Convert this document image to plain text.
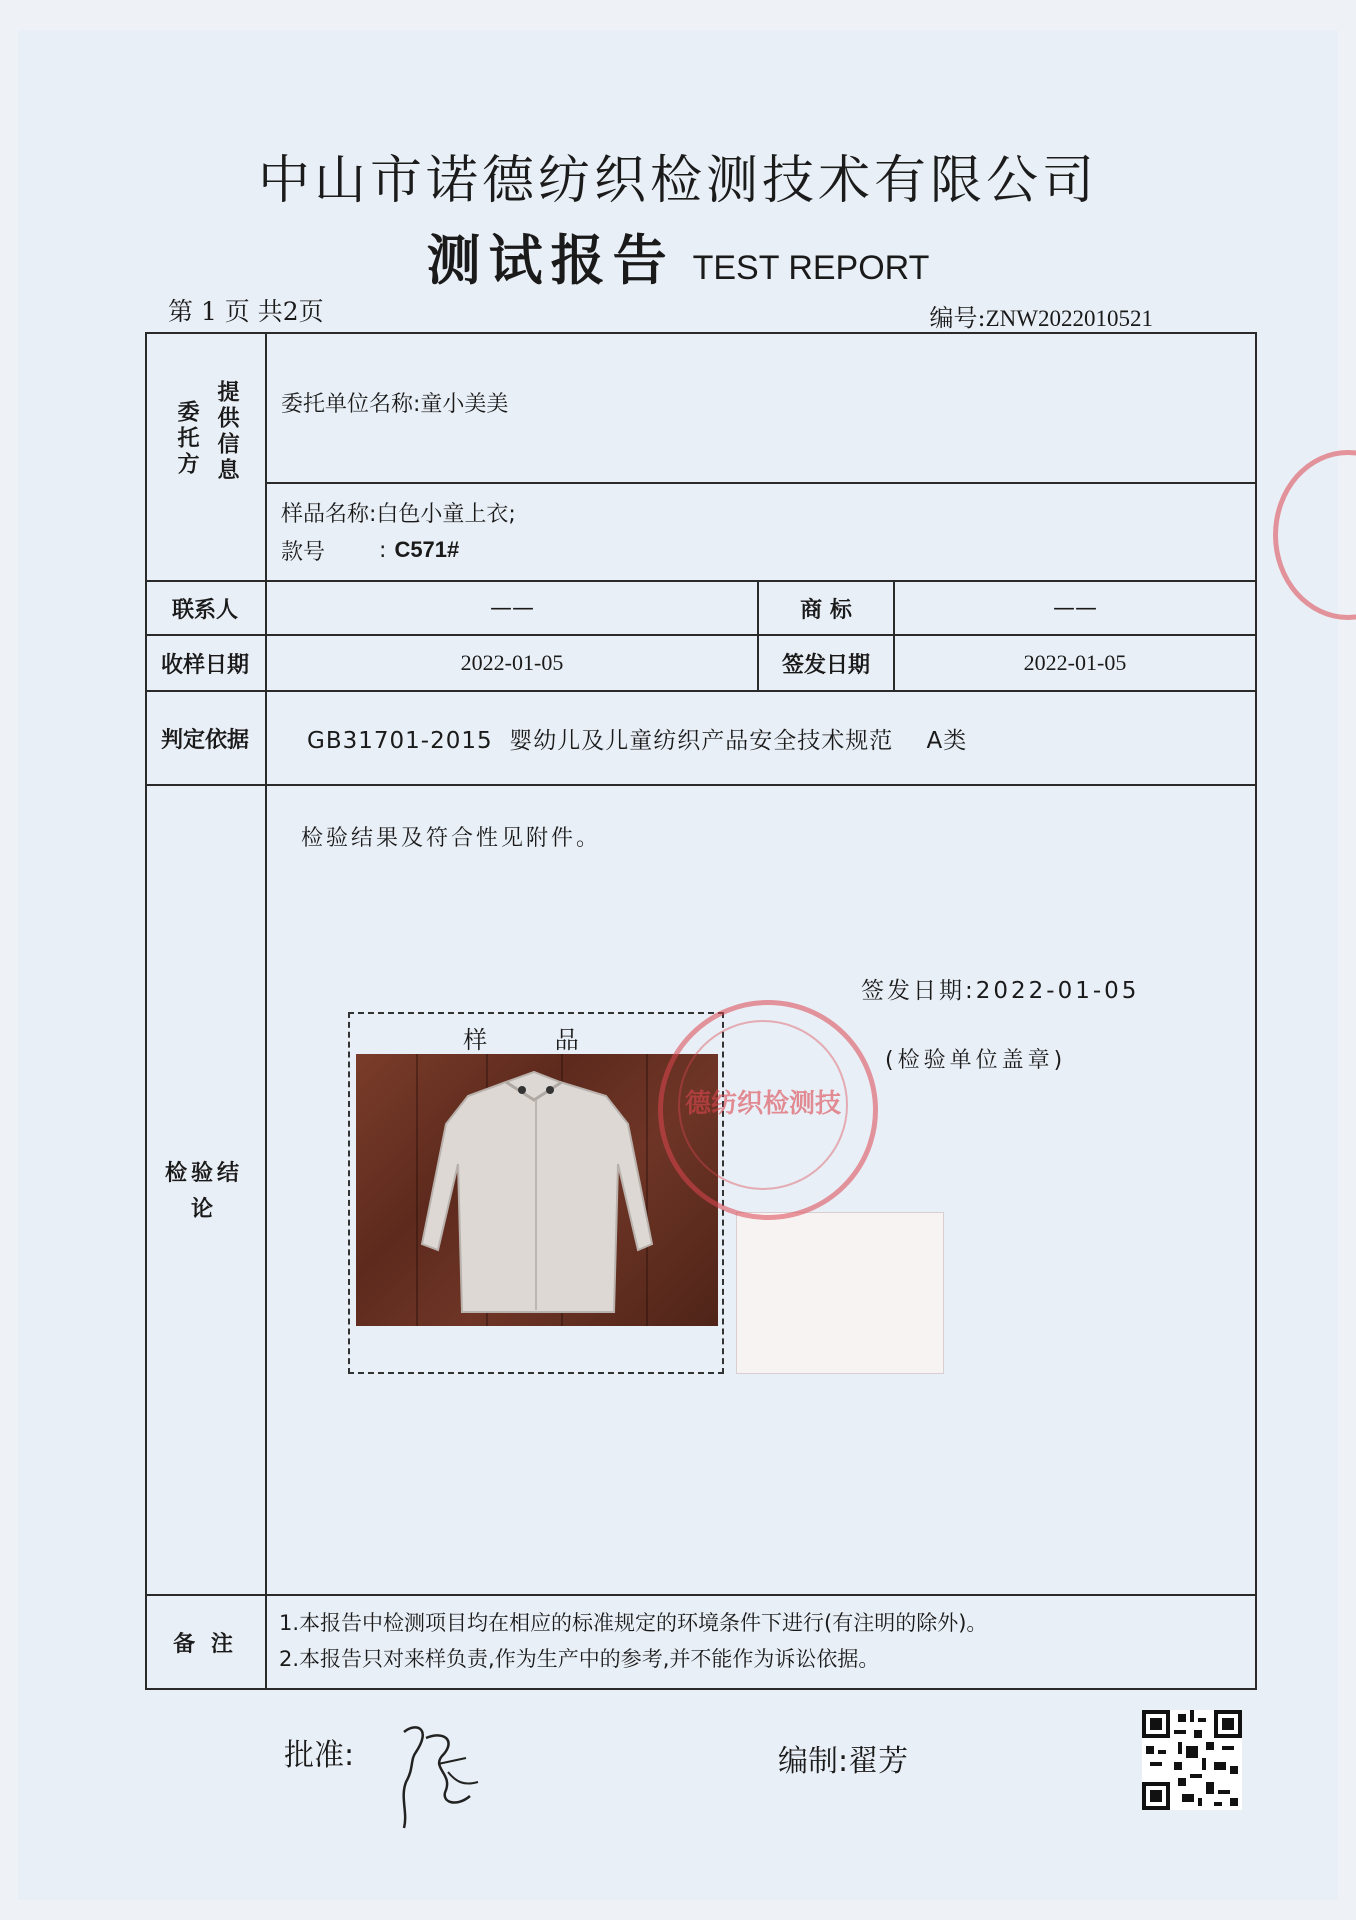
中山市诺德纺织检测技术有限公司
测试报告 TEST REPORT
第 1 页 共2页	编号:ZNW2022010521
委托方 提供信息 委托单位名称: 童小美美
样品名称: 白色小童上衣;
款号 : C571#
联系人	——	商 标	——
收样日期	2022-01-05	签发日期	2022-01-05
判定依据	GB31701-2015  婴幼儿及儿童纺织产品安全技术规范    A类
检验结论
检验结果及符合性见附件。
签发日期:2022-01-05
(检验单位盖章)
备 注
1.本报告中检测项目均在相应的标准规定的环境条件下进行(有注明的除外)。
2.本报告只对来样负责,作为生产中的参考,并不能作为诉讼依据。
样 品
德纺织检测技
批准:	编制:翟芳
